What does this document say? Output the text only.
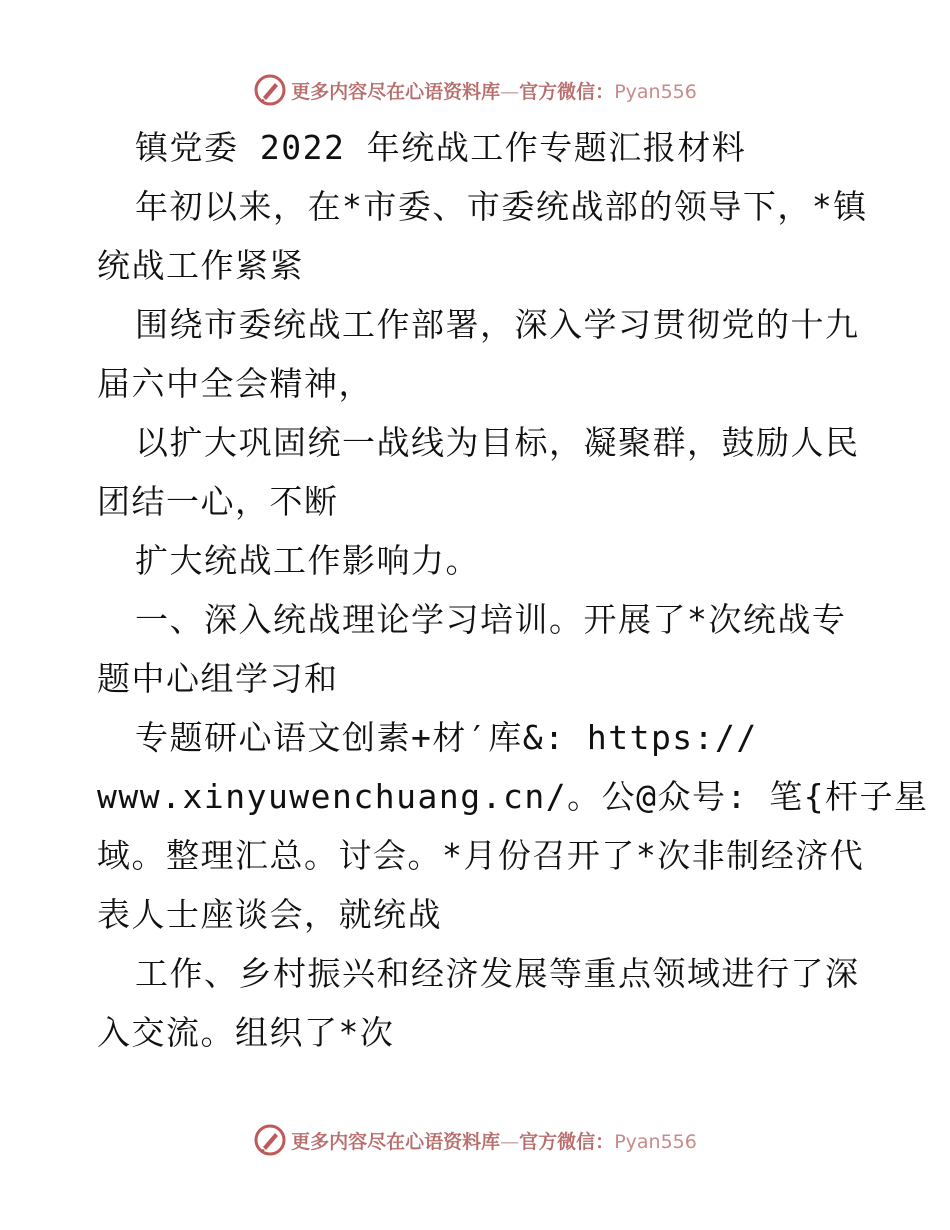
更多内容尽在心语资料库—官方微信：Pyan556
镇党委 2022 年统战工作专题汇报材料
年初以来，在*市委、市委统战部的领导下，*镇
统战工作紧紧
围绕市委统战工作部署，深入学习贯彻党的十九
届六中全会精神，
以扩大巩固统一战线为目标，凝聚群，鼓励人民
团结一心，不断
扩大统战工作影响力。
一、深入统战理论学习培训。开展了*次统战专
题中心组学习和
专题研心语文创素+材′库&: https://
www.xinyuwenchuang.cn/。公@众号: 笔{杆子星
域。整理汇总。讨会。*月份召开了*次非制经济代
表人士座谈会，就统战
工作、乡村振兴和经济发展等重点领域进行了深
入交流。组织了*次
更多内容尽在心语资料库—官方微信：Pyan556
